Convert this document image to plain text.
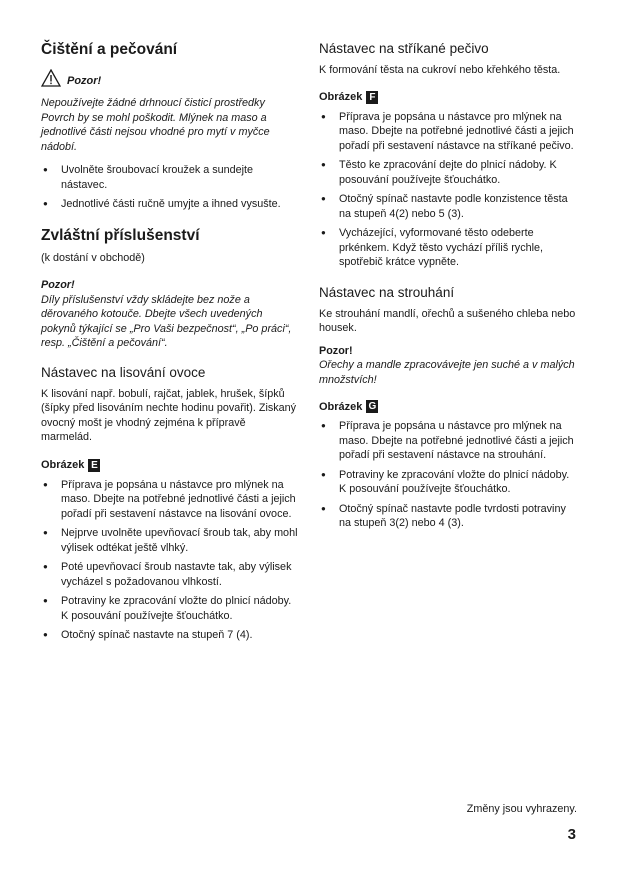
Čištění a pečování
Pozor!

Nepoužívejte žádné drhnoucí čisticí prostředky Povrch by se mohl poškodit. Mlýnek na maso a jednotlivé části nejsou vhodné pro mytí v myčce nádobí.

● Uvolněte šroubovací kroužek a sundejte nástavec.
● Jednotlivé části ručně umyjte a ihned vysušte.
Zvláštní příslušenství

(k dostání v obchodě)

Pozor!

Díly příslušenství vždy skládejte bez nože a děrovaného kotouče. Dbejte všech uvedených pokynů týkající se „Pro Vaši bezpečnost“, „Po práci“, resp. „Čištění a pečování“.

Nástavec na lisování ovoce

K lisování např. bobulí, rajčat, jablek, hrušek, šípků (šípky před lisováním nechte hodinu povařit). Ziskaný ovocný mošt je vhodný zejména k přípravě marmelád.

Obrázek E
● Příprava je popsána u nástavce pro mlýnek na maso. Dbejte na potřebné jednotlivé části a jejich pořadí při sestavení nástavce na lisování ovoce.
● Nejprve uvolněte upevňovací šroub tak, aby mohl výlisek odtékat ještě vlhký.
● Poté upevňovací šroub nastavte tak, aby výlisek vycházel s požadovanou vlhkostí.
● Potraviny ke zpracování vložte do plnicí nádoby. K posouvání používejte šťouchátko.
● Otočný spínač nastavte na stupeň 7 (4).
Nástavec na stříkané pečivo

K formování těsta na cukroví nebo křehkého těsta.

Obrázek F
● Příprava je popsána u nástavce pro mlýnek na maso. Dbejte na potřebné jednotlivé části a jejich pořadí při sestavení nástavce na stříkané pečivo.
● Těsto ke zpracování dejte do plnicí nádoby. K posouvání používejte šťouchátko.
● Otočný spínač nastavte podle konzistence těsta na stupeň 4(2) nebo 5 (3).
● Vycházející, vyformované těsto odeberte prkénkem. Když těsto vychází příliš rychle, spotřebič krátce vypněte.
Nástavec na strouhání

Ke strouhání mandlí, ořechů a sušeného chleba nebo housek.

Pozor!

Ořechy a mandle zpracovávejte jen suché a v malých množstvích!

Obrázek G
● Příprava je popsána u nástavce pro mlýnek na maso. Dbejte na potřebné jednotlivé části a jejich pořadí při sestavení nástavce na strouhání.
● Potraviny ke zpracování vložte do plnicí nádoby. K posouvání používejte šťouchátko.
● Otočný spínač nastavte podle tvrdosti potraviny na stupeň 3(2) nebo 4 (3).
Změny jsou vyhrazeny.
3
